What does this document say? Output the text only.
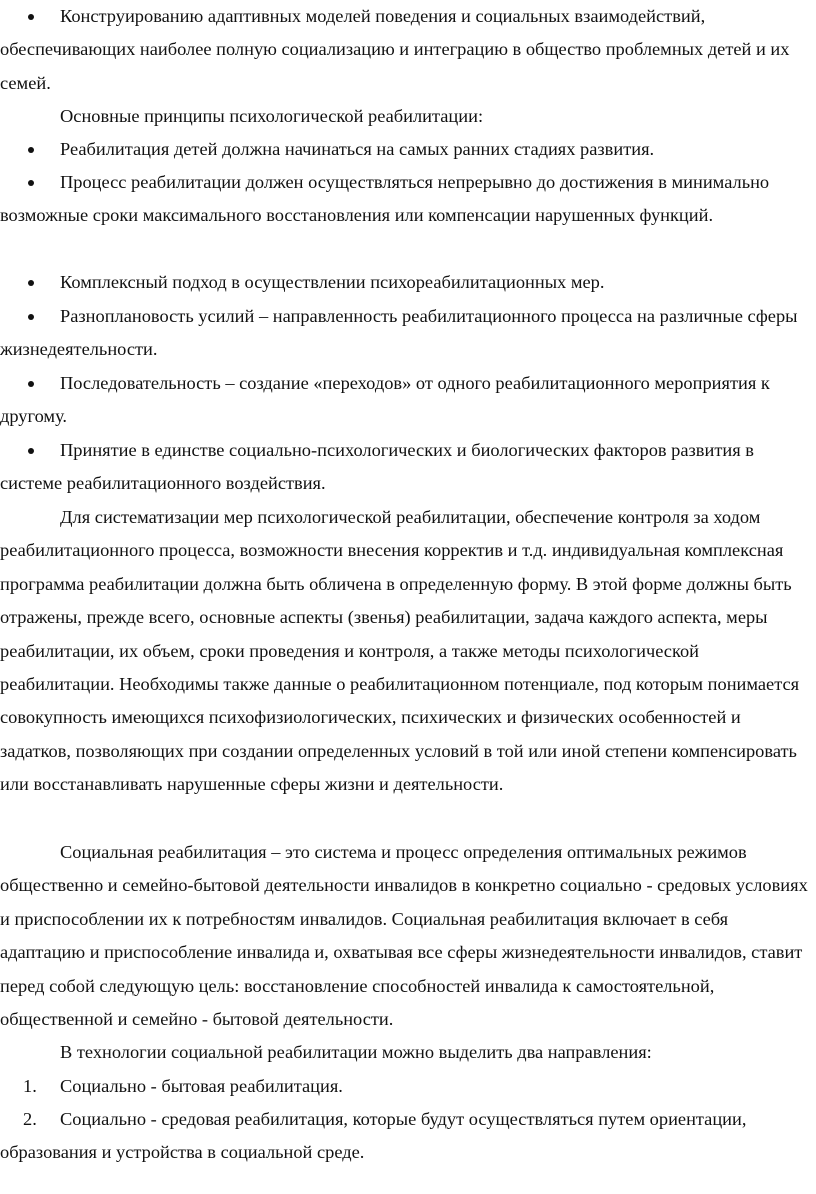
Конструированию адаптивных моделей поведения и социальных взаимодействий, обеспечивающих наиболее полную социализацию и интеграцию в общество проблемных детей и их семей.
Основные принципы психологической реабилитации:
Реабилитация детей должна начинаться на самых ранних стадиях развития.
Процесс реабилитации должен осуществляться непрерывно до достижения в минимально возможные сроки максимального восстановления или компенсации нарушенных функций.
Комплексный подход в осуществлении психореабилитационных мер.
Разноплановость усилий – направленность реабилитационного процесса на различные сферы жизнедеятельности.
Последовательность – создание «переходов» от одного реабилитационного мероприятия к другому.
Принятие в единстве социально-психологических и биологических факторов развития в системе реабилитационного воздействия.
Для систематизации мер психологической реабилитации, обеспечение контроля за ходом реабилитационного процесса, возможности внесения корректив и т.д. индивидуальная комплексная программа реабилитации должна быть обличена в определенную форму. В этой форме должны быть отражены, прежде всего, основные аспекты (звенья) реабилитации, задача каждого аспекта, меры реабилитации, их объем, сроки проведения и контроля, а также методы психологической реабилитации. Необходимы также данные о реабилитационном потенциале, под которым понимается совокупность имеющихся психофизиологических, психических и физических особенностей и задатков, позволяющих при создании определенных условий в той или иной степени компенсировать или восстанавливать нарушенные сферы жизни и деятельности.
Социальная реабилитация – это система и процесс определения оптимальных режимов общественно и семейно-бытовой деятельности инвалидов в конкретно социально - средовых условиях и приспособлении их к потребностям инвалидов. Социальная реабилитация включает в себя адаптацию и приспособление инвалида и, охватывая все сферы жизнедеятельности инвалидов, ставит перед собой следующую цель: восстановление способностей инвалида к самостоятельной, общественной и семейно - бытовой деятельности.
В технологии социальной реабилитации можно выделить два направления:
1.	Социально - бытовая реабилитация.
2.	Социально - средовая реабилитация, которые будут осуществляться путем ориентации, образования и устройства в социальной среде.
